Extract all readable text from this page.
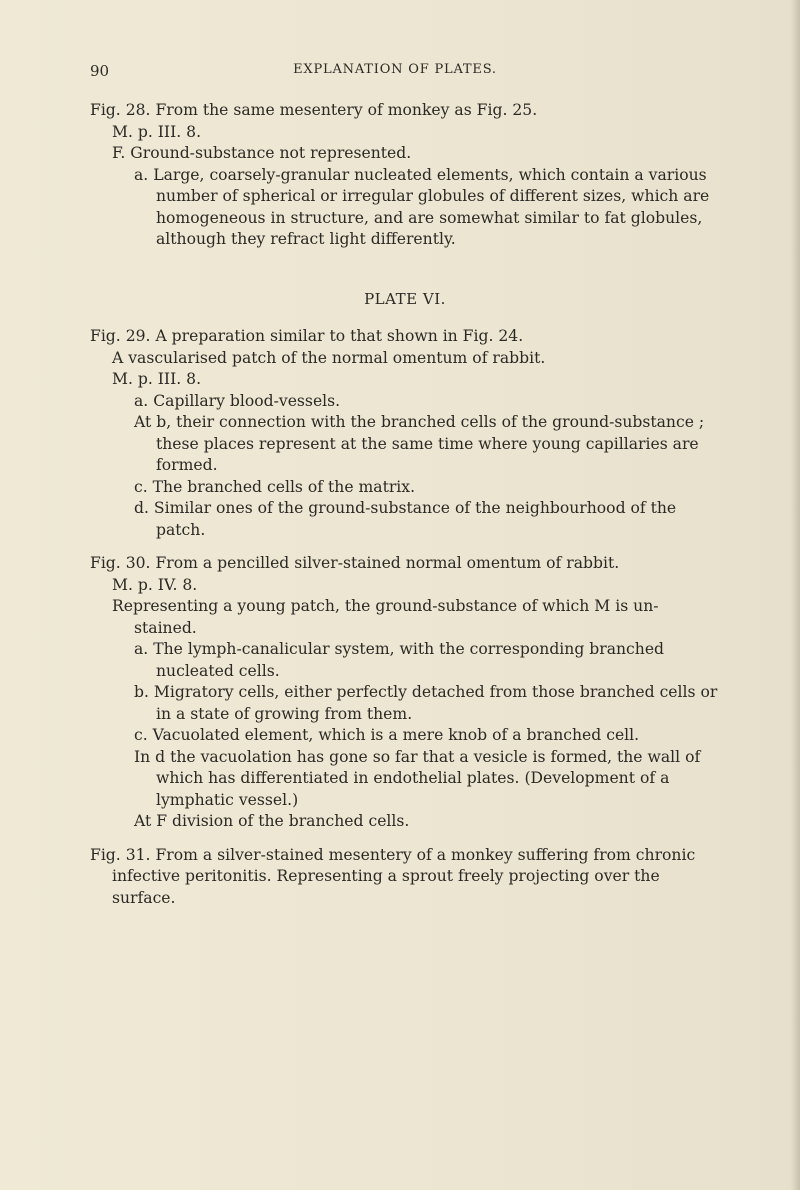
90	EXPLANATION OF PLATES.

Fig. 28. From the same mesentery of monkey as Fig. 25.

M. p. III. 8.

F. Ground-substance not represented.

a. Large, coarsely-granular nucleated elements, which contain a various number of spherical or irregular globules of different sizes, which are homogeneous in structure, and are somewhat similar to fat globules, although they refract light differently.

PLATE VI.

Fig. 29. A preparation similar to that shown in Fig. 24.

A vascularised patch of the normal omentum of rabbit.

M. p. III. 8.

a. Capillary blood-vessels.

At b, their connection with the branched cells of the ground-substance ; these places represent at the same time where young capillaries are formed.

c. The branched cells of the matrix.

d. Similar ones of the ground-substance of the neighbourhood of the patch.

Fig. 30. From a pencilled silver-stained normal omentum of rabbit.

M. p. IV. 8.

Representing a young patch, the ground-substance of which M is un-stained.

a. The lymph-canalicular system, with the corresponding branched nucleated cells.

b. Migratory cells, either perfectly detached from those branched cells or in a state of growing from them.

c. Vacuolated element, which is a mere knob of a branched cell.

In d the vacuolation has gone so far that a vesicle is formed, the wall of which has differentiated in endothelial plates. (Development of a lymphatic vessel.)

At F division of the branched cells.

Fig. 31. From a silver-stained mesentery of a monkey suffering from chronic infective peritonitis. Representing a sprout freely projecting over the surface.
